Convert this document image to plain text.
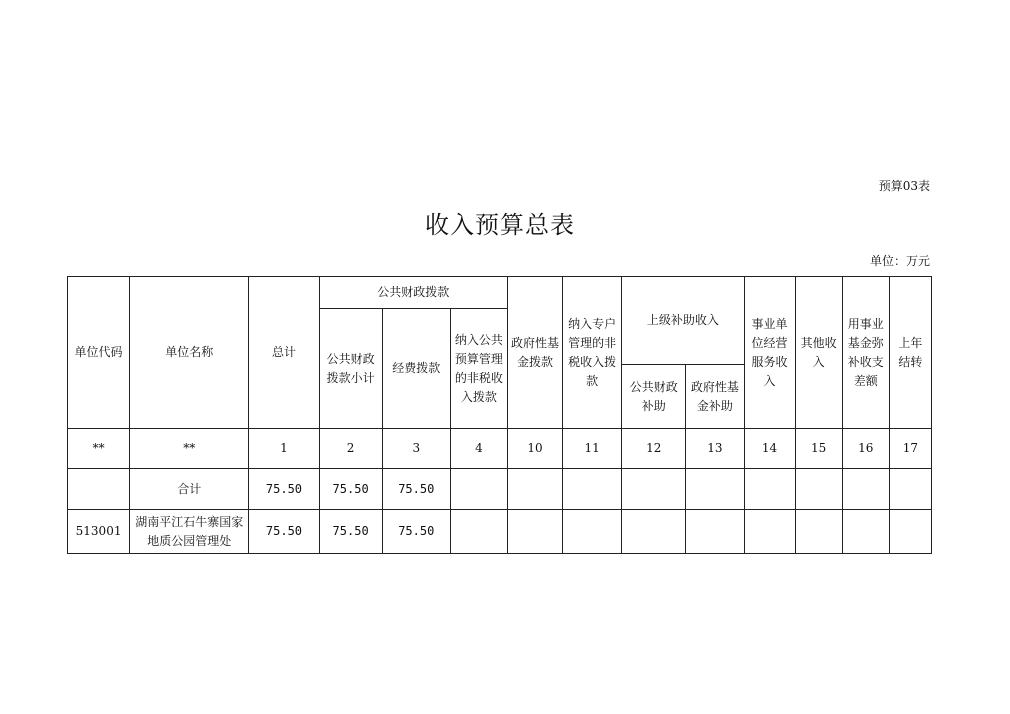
预算03表
收入预算总表
单位：万元
单位代码	单位名称	总计	公共财政拨款			政府性基金拨款	纳入专户管理的非税收入拨款	上级补助收入		事业单位经营服务收入	其他收入	用事业基金弥补收支差额	上年结转
			公共财政拨款小计	经费拨款	纳入公共预算管理的非税收入拨款								
								公共财政补助	政府性基金补助				
**	**	1	2	3	4	10	11	12	13	14	15	16	17
	合计	75.50	75.50	75.50									
513001	湖南平江石牛寨国家地质公园管理处	75.50	75.50	75.50									
